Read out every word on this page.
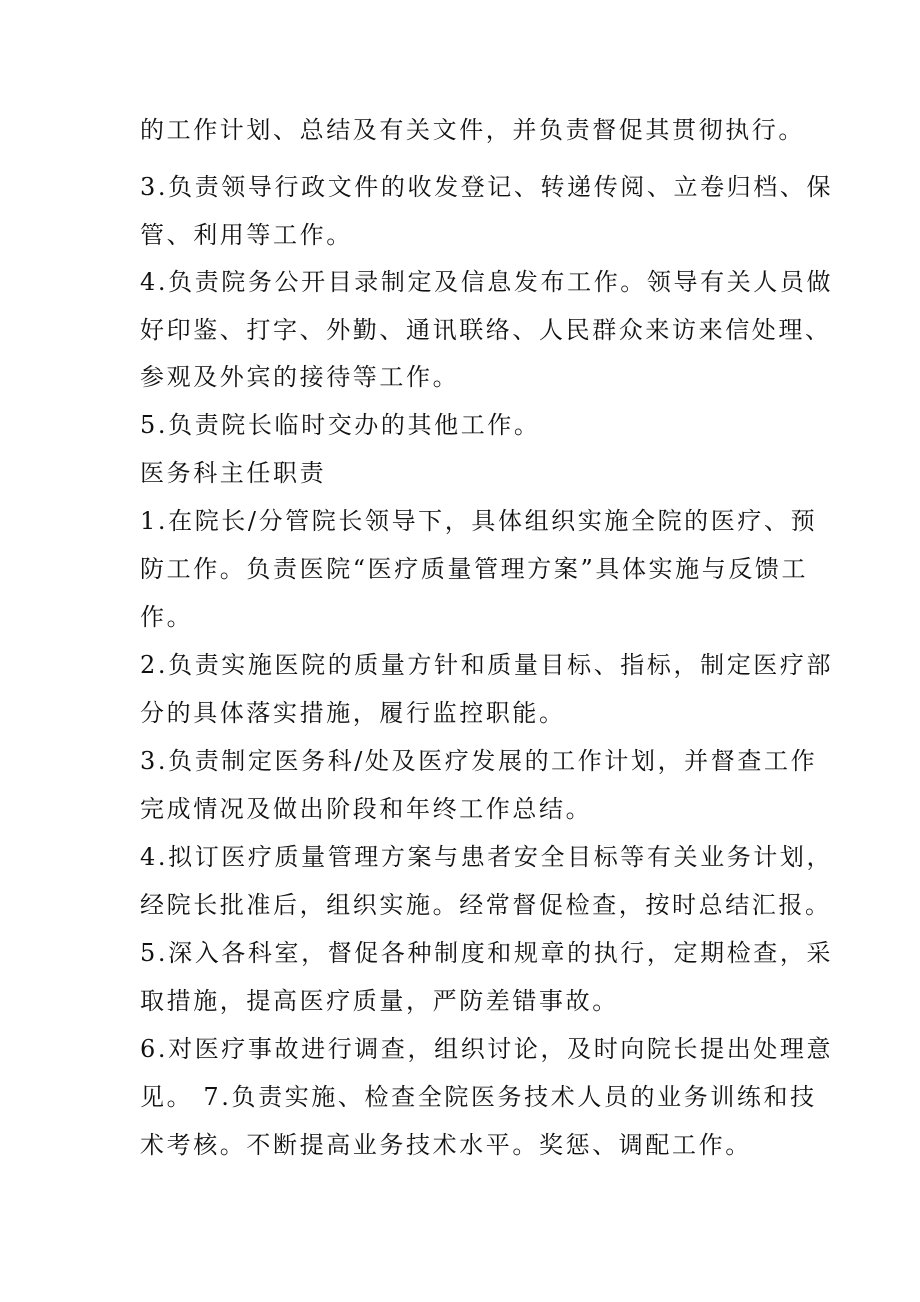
的工作计划、总结及有关文件，并负责督促其贯彻执行。

3.负责领导行政文件的收发登记、转递传阅、立卷归档、保

管、利用等工作。

4.负责院务公开目录制定及信息发布工作。领导有关人员做

好印鉴、打字、外勤、通讯联络、人民群众来访来信处理、

参观及外宾的接待等工作。

5.负责院长临时交办的其他工作。

医务科主任职责

1.在院长/分管院长领导下，具体组织实施全院的医疗、预

防工作。负责医院“医疗质量管理方案”具体实施与反馈工

作。

2.负责实施医院的质量方针和质量目标、指标，制定医疗部

分的具体落实措施，履行监控职能。

3.负责制定医务科/处及医疗发展的工作计划，并督查工作

完成情况及做出阶段和年终工作总结。

4.拟订医疗质量管理方案与患者安全目标等有关业务计划，

经院长批准后，组织实施。经常督促检查，按时总结汇报。

5.深入各科室，督促各种制度和规章的执行，定期检查，采

取措施，提高医疗质量，严防差错事故。

6.对医疗事故进行调查，组织讨论，及时向院长提出处理意

见。 7.负责实施、检查全院医务技术人员的业务训练和技

术考核。不断提高业务技术水平。奖惩、调配工作。
